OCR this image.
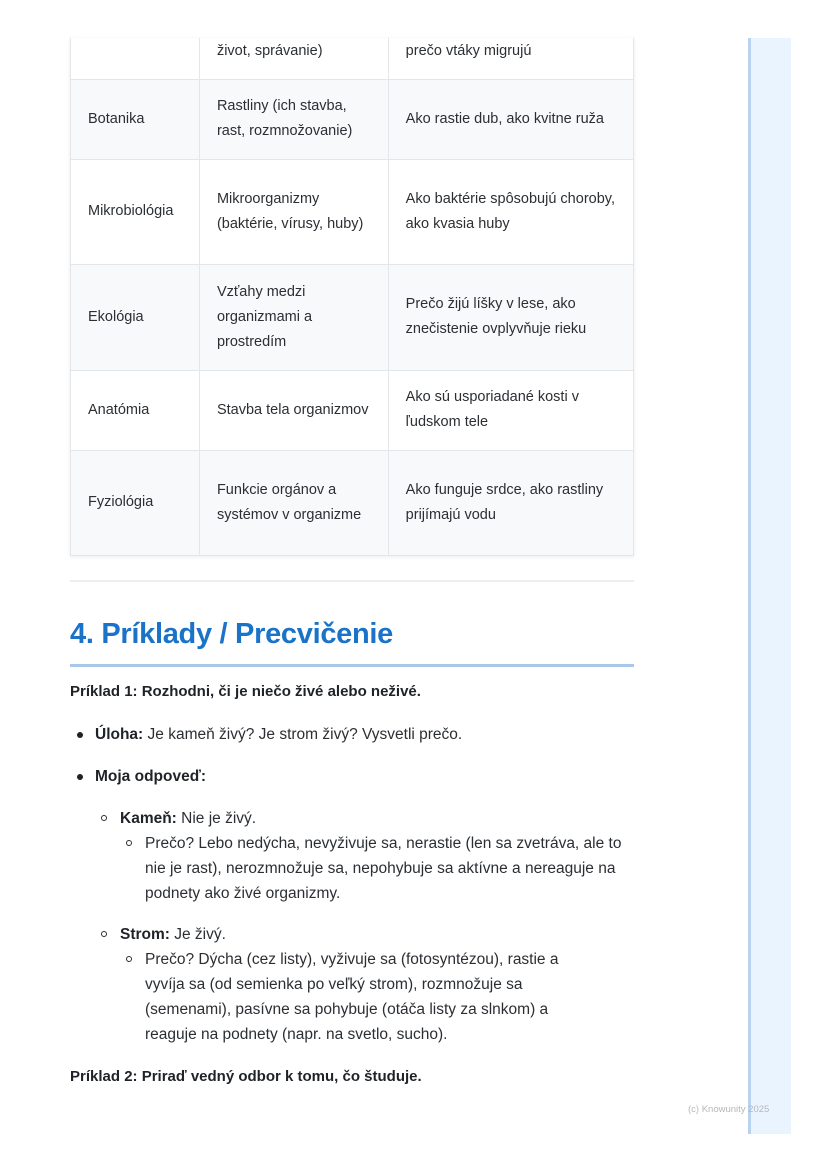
	život, správanie)	prečo vtáky migrujú
Botanika	Rastliny (ich stavba, rast, rozmnožovanie)	Ako rastie dub, ako kvitne ruža
Mikrobiológia	Mikroorganizmy (baktérie, vírusy, huby)	Ako baktérie spôsobujú choroby, ako kvasia huby
Ekológia	Vzťahy medzi organizmami a prostredím	Prečo žijú líšky v lese, ako znečistenie ovplyvňuje rieku
Anatómia	Stavba tela organizmov	Ako sú usporiadané kosti v ľudskom tele
Fyziológia	Funkcie orgánov a systémov v organizme	Ako funguje srdce, ako rastliny prijímajú vodu
4. Príklady / Precvičenie

Príklad 1: Rozhodni, či je niečo živé alebo neživé.

Úloha: Je kameň živý? Je strom živý? Vysvetli prečo.
Moja odpoveď:
Kameň: Nie je živý.
Prečo? Lebo nedýcha, nevyživuje sa, nerastie (len sa zvetráva, ale to nie je rast), nerozmnožuje sa, nepohybuje sa aktívne a nereaguje na podnety ako živé organizmy.
Strom: Je živý.
Prečo? Dýcha (cez listy), vyživuje sa (fotosyntézou), rastie a vyvíja sa (od semienka po veľký strom), rozmnožuje sa (semenami), pasívne sa pohybuje (otáča listy za slnkom) a reaguje na podnety (napr. na svetlo, sucho).

Príklad 2: Priraď vedný odbor k tomu, čo študuje.

(c) Knowunity 2025
